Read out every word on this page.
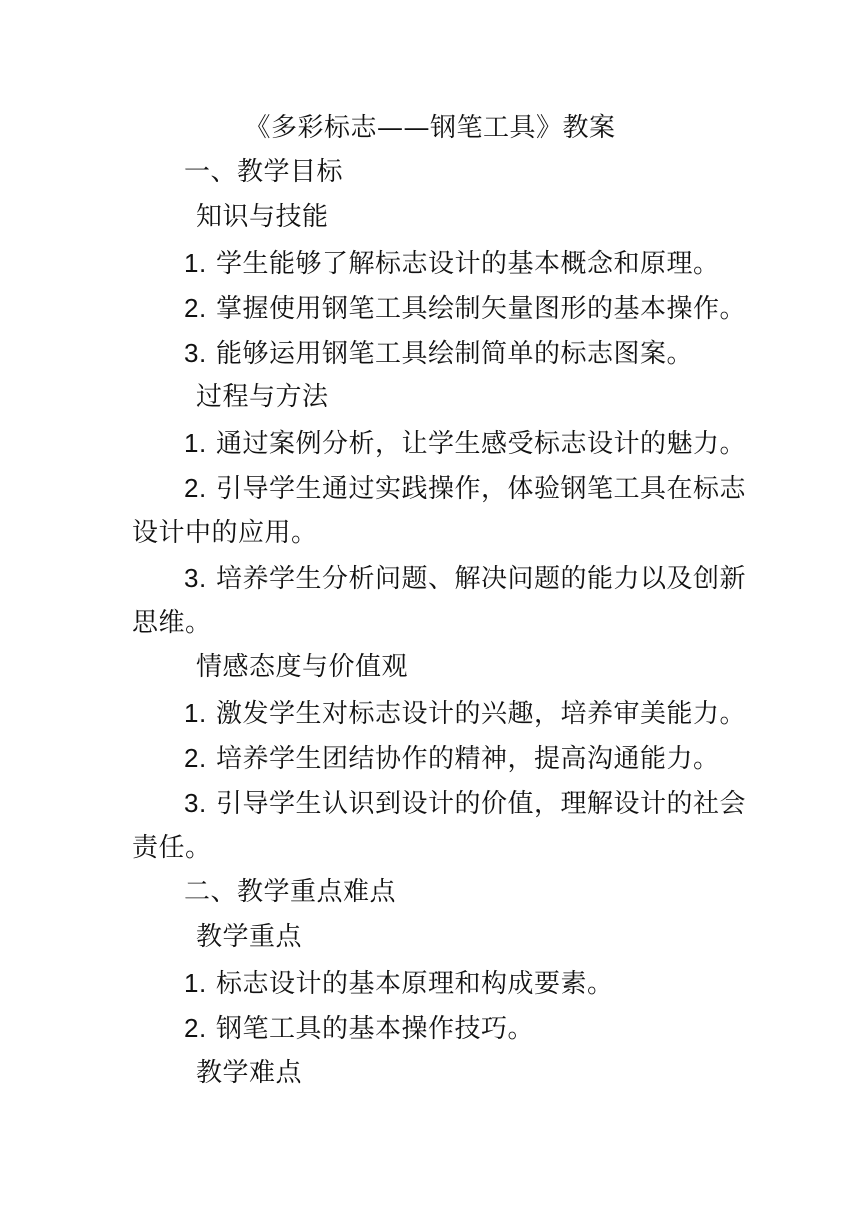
《多彩标志——钢笔工具》教案
一、教学目标
知识与技能
1. 学生能够了解标志设计的基本概念和原理。
2. 掌握使用钢笔工具绘制矢量图形的基本操作。
3. 能够运用钢笔工具绘制简单的标志图案。
过程与方法
1. 通过案例分析，让学生感受标志设计的魅力。
2. 引导学生通过实践操作，体验钢笔工具在标志
设计中的应用。
3. 培养学生分析问题、解决问题的能力以及创新
思维。
情感态度与价值观
1. 激发学生对标志设计的兴趣，培养审美能力。
2. 培养学生团结协作的精神，提高沟通能力。
3. 引导学生认识到设计的价值，理解设计的社会
责任。
二、教学重点难点
教学重点
1. 标志设计的基本原理和构成要素。
2. 钢笔工具的基本操作技巧。
教学难点
